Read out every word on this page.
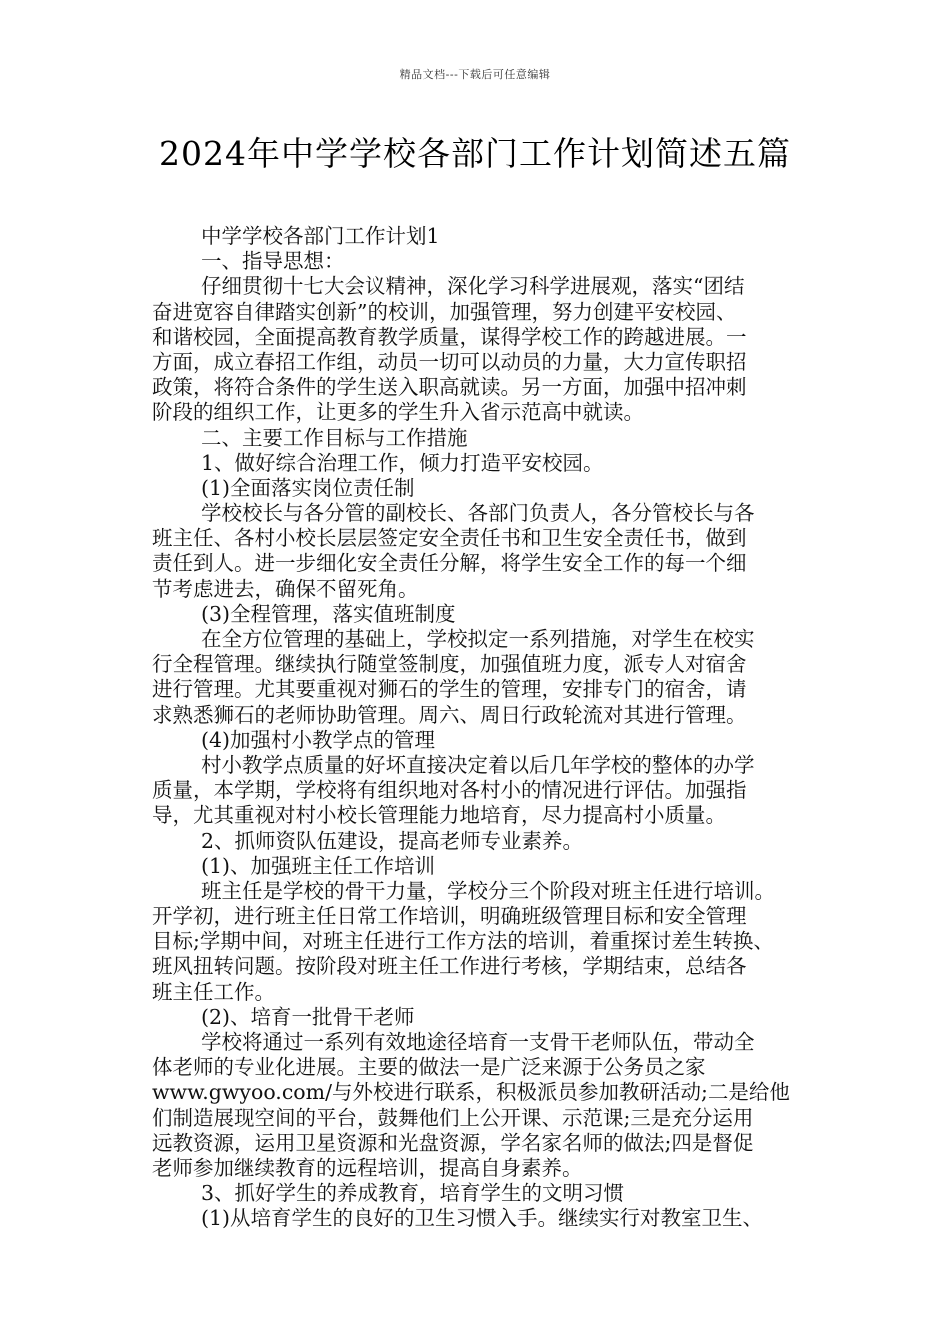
精品文档---下载后可任意编辑
2024年中学学校各部门工作计划简述五篇
中学学校各部门工作计划1
一、指导思想：
仔细贯彻十七大会议精神，深化学习科学进展观，落实“团结
奋进宽容自律踏实创新”的校训，加强管理，努力创建平安校园、
和谐校园，全面提高教育教学质量，谋得学校工作的跨越进展。一
方面，成立春招工作组，动员一切可以动员的力量，大力宣传职招
政策，将符合条件的学生送入职高就读。另一方面，加强中招冲刺
阶段的组织工作，让更多的学生升入省示范高中就读。
二、主要工作目标与工作措施
1、做好综合治理工作，倾力打造平安校园。
(1)全面落实岗位责任制
学校校长与各分管的副校长、各部门负责人，各分管校长与各
班主任、各村小校长层层签定安全责任书和卫生安全责任书，做到
责任到人。进一步细化安全责任分解，将学生安全工作的每一个细
节考虑进去，确保不留死角。
(3)全程管理，落实值班制度
在全方位管理的基础上，学校拟定一系列措施，对学生在校实
行全程管理。继续执行随堂签制度，加强值班力度，派专人对宿舍
进行管理。尤其要重视对狮石的学生的管理，安排专门的宿舍，请
求熟悉狮石的老师协助管理。周六、周日行政轮流对其进行管理。
(4)加强村小教学点的管理
村小教学点质量的好坏直接决定着以后几年学校的整体的办学
质量，本学期，学校将有组织地对各村小的情况进行评估。加强指
导，尤其重视对村小校长管理能力地培育，尽力提高村小质量。
2、抓师资队伍建设，提高老师专业素养。
(1)、加强班主任工作培训
班主任是学校的骨干力量，学校分三个阶段对班主任进行培训。
开学初，进行班主任日常工作培训，明确班级管理目标和安全管理
目标;学期中间，对班主任进行工作方法的培训，着重探讨差生转换、
班风扭转问题。按阶段对班主任工作进行考核，学期结束，总结各
班主任工作。
(2)、培育一批骨干老师
学校将通过一系列有效地途径培育一支骨干老师队伍，带动全
体老师的专业化进展。主要的做法一是广泛来源于公务员之家
www.gwyoo.com/与外校进行联系，积极派员参加教研活动;二是给他
们制造展现空间的平台，鼓舞他们上公开课、示范课;三是充分运用
远教资源，运用卫星资源和光盘资源，学名家名师的做法;四是督促
老师参加继续教育的远程培训，提高自身素养。
3、抓好学生的养成教育，培育学生的文明习惯
(1)从培育学生的良好的卫生习惯入手。继续实行对教室卫生、
